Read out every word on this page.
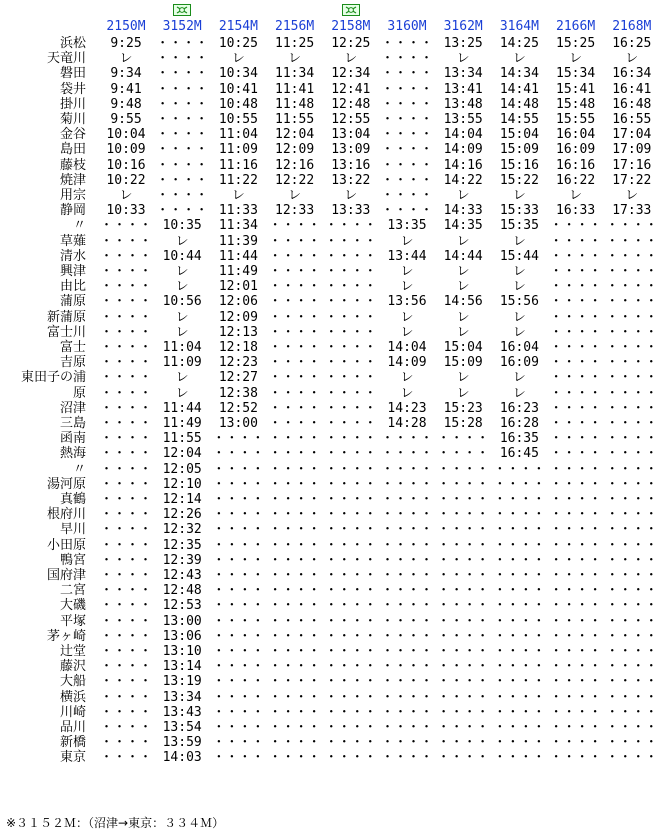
2150M	3152M	2154M	2156M	2158M	3160M	3162M	3164M	2166M	2168M
浜松	9:25	・・・・ 10:25	11:25	12:25 ・・・・ 13:25	14:25	15:25	16:25
天竜川	レ	・・・・	レ	レ	レ	・・・・	レ	レ	レ	レ
磐田	9:34	・・・・ 10:34	11:34	12:34 ・・・・ 13:34	14:34	15:34	16:34
袋井	9:41	・・・・ 10:41	11:41	12:41 ・・・・ 13:41	14:41	15:41	16:41
掛川	9:48	・・・・ 10:48	11:48	12:48 ・・・・ 13:48	14:48	15:48	16:48
菊川	9:55	・・・・ 10:55	11:55	12:55 ・・・・ 13:55	14:55	15:55	16:55
金谷	10:04 ・・・・ 11:04	12:04	13:04 ・・・・ 14:04	15:04	16:04	17:04
島田	10:09 ・・・・ 11:09	12:09	13:09 ・・・・ 14:09	15:09	16:09	17:09
藤枝	10:16 ・・・・ 11:16	12:16	13:16 ・・・・ 14:16	15:16	16:16	17:16
焼津	10:22 ・・・・ 11:22	12:22	13:22 ・・・・ 14:22	15:22	16:22	17:22
用宗	レ	・・・・	レ	レ	レ	・・・・	レ	レ	レ	レ
静岡	10:33 ・・・・ 11:33	12:33	13:33 ・・・・ 14:33	15:33	16:33	17:33
〃 ・・・・ 10:35	11:34 ・・・・ ・・・・ 13:35	14:35	15:35 ・・・・ ・・・・
草薙 ・・・・	レ	11:39 ・・・・ ・・・・	レ	レ	レ	・・・・ ・・・・
清水 ・・・・ 10:44	11:44 ・・・・ ・・・・ 13:44	14:44	15:44 ・・・・ ・・・・
興津 ・・・・	レ	11:49 ・・・・ ・・・・	レ	レ	レ	・・・・ ・・・・
由比 ・・・・	レ	12:01 ・・・・ ・・・・	レ	レ	レ	・・・・ ・・・・
蒲原 ・・・・ 10:56	12:06 ・・・・ ・・・・ 13:56	14:56	15:56 ・・・・ ・・・・
新蒲原 ・・・・	レ	12:09 ・・・・ ・・・・	レ	レ	レ	・・・・ ・・・・
富士川 ・・・・	レ	12:13 ・・・・ ・・・・	レ	レ	レ	・・・・ ・・・・
富士 ・・・・ 11:04	12:18 ・・・・ ・・・・ 14:04	15:04	16:04 ・・・・ ・・・・
吉原 ・・・・ 11:09	12:23 ・・・・ ・・・・ 14:09	15:09	16:09 ・・・・ ・・・・
東田子の浦 ・・・・	レ	12:27 ・・・・ ・・・・	レ	レ	レ	・・・・ ・・・・
原 ・・・・	レ	12:38 ・・・・ ・・・・	レ	レ	レ	・・・・ ・・・・
沼津 ・・・・ 11:44	12:52 ・・・・ ・・・・ 14:23	15:23	16:23 ・・・・ ・・・・
三島 ・・・・ 11:49	13:00 ・・・・ ・・・・ 14:28	15:28	16:28 ・・・・ ・・・・
函南 ・・・・ 11:55 ・・・・ ・・・・ ・・・・ ・・・・ ・・・・ 16:35 ・・・・ ・・・・
熱海 ・・・・ 12:04 ・・・・ ・・・・ ・・・・ ・・・・ ・・・・ 16:45 ・・・・ ・・・・
〃 ・・・・ 12:05 ・・・・ ・・・・ ・・・・ ・・・・ ・・・・ ・・・・ ・・・・ ・・・・
湯河原 ・・・・ 12:10 ・・・・ ・・・・ ・・・・ ・・・・ ・・・・ ・・・・ ・・・・ ・・・・
真鶴 ・・・・ 12:14 ・・・・ ・・・・ ・・・・ ・・・・ ・・・・ ・・・・ ・・・・ ・・・・
根府川 ・・・・ 12:26 ・・・・ ・・・・ ・・・・ ・・・・ ・・・・ ・・・・ ・・・・ ・・・・
早川 ・・・・ 12:32 ・・・・ ・・・・ ・・・・ ・・・・ ・・・・ ・・・・ ・・・・ ・・・・
小田原 ・・・・ 12:35 ・・・・ ・・・・ ・・・・ ・・・・ ・・・・ ・・・・ ・・・・ ・・・・
鴨宮 ・・・・ 12:39 ・・・・ ・・・・ ・・・・ ・・・・ ・・・・ ・・・・ ・・・・ ・・・・
国府津 ・・・・ 12:43 ・・・・ ・・・・ ・・・・ ・・・・ ・・・・ ・・・・ ・・・・ ・・・・
二宮 ・・・・ 12:48 ・・・・ ・・・・ ・・・・ ・・・・ ・・・・ ・・・・ ・・・・ ・・・・
大磯 ・・・・ 12:53 ・・・・ ・・・・ ・・・・ ・・・・ ・・・・ ・・・・ ・・・・ ・・・・
平塚 ・・・・ 13:00 ・・・・ ・・・・ ・・・・ ・・・・ ・・・・ ・・・・ ・・・・ ・・・・
茅ヶ崎 ・・・・ 13:06 ・・・・ ・・・・ ・・・・ ・・・・ ・・・・ ・・・・ ・・・・ ・・・・
辻堂 ・・・・ 13:10 ・・・・ ・・・・ ・・・・ ・・・・ ・・・・ ・・・・ ・・・・ ・・・・
藤沢 ・・・・ 13:14 ・・・・ ・・・・ ・・・・ ・・・・ ・・・・ ・・・・ ・・・・ ・・・・
大船 ・・・・ 13:19 ・・・・ ・・・・ ・・・・ ・・・・ ・・・・ ・・・・ ・・・・ ・・・・
横浜 ・・・・ 13:34 ・・・・ ・・・・ ・・・・ ・・・・ ・・・・ ・・・・ ・・・・ ・・・・
川崎 ・・・・ 13:43 ・・・・ ・・・・ ・・・・ ・・・・ ・・・・ ・・・・ ・・・・ ・・・・
品川 ・・・・ 13:54 ・・・・ ・・・・ ・・・・ ・・・・ ・・・・ ・・・・ ・・・・ ・・・・
新橋 ・・・・ 13:59 ・・・・ ・・・・ ・・・・ ・・・・ ・・・・ ・・・・ ・・・・ ・・・・
東京 ・・・・ 14:03 ・・・・ ・・・・ ・・・・ ・・・・ ・・・・ ・・・・ ・・・・ ・・・・
※３１５２Ｍ：（沼津→東京：３３４Ｍ）
